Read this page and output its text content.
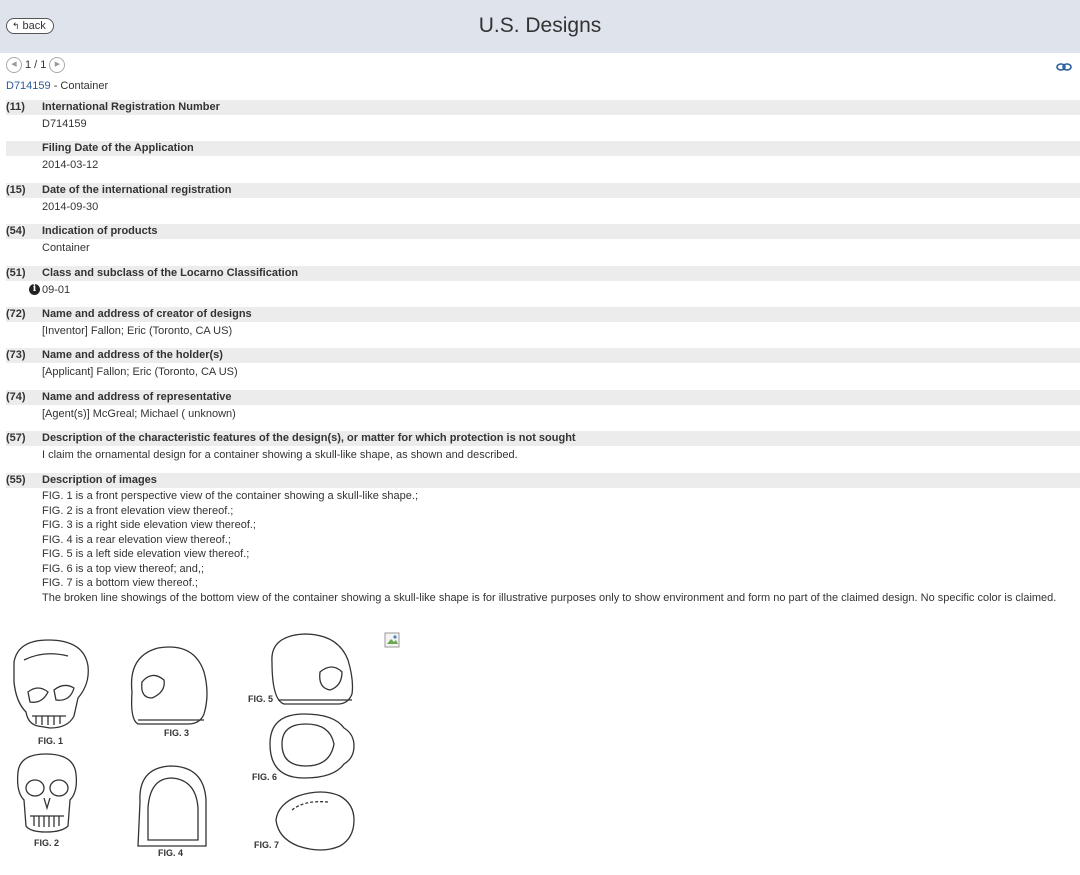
↰ back	U.S. Designs
◀ 1 / 1 ▶
D714159 - Container
(11)	International Registration Number
D714159
Filing Date of the Application
2014-03-12
(15)	Date of the international registration
2014-09-30
(54)	Indication of products
Container
(51)	Class and subclass of the Locarno Classification
i 09-01
(72)	Name and address of creator of designs
[Inventor] Fallon; Eric (Toronto, CA US)
(73)	Name and address of the holder(s)
[Applicant] Fallon; Eric (Toronto, CA US)
(74)	Name and address of representative
[Agent(s)] McGreal; Michael ( unknown)
(57)	Description of the characteristic features of the design(s), or matter for which protection is not sought
I claim the ornamental design for a container showing a skull-like shape, as shown and described.
(55)	Description of images
FIG. 1 is a front perspective view of the container showing a skull-like shape.;
FIG. 2 is a front elevation view thereof.;
FIG. 3 is a right side elevation view thereof.;
FIG. 4 is a rear elevation view thereof.;
FIG. 5 is a left side elevation view thereof.;
FIG. 6 is a top view thereof; and,;
FIG. 7 is a bottom view thereof.;
The broken line showings of the bottom view of the container showing a skull-like shape is for illustrative purposes only to show environment and form no part of the claimed design. No specific color is claimed.
FIG. 1
FIG. 2
FIG. 3
FIG. 4
FIG. 5
FIG. 6
FIG. 7
